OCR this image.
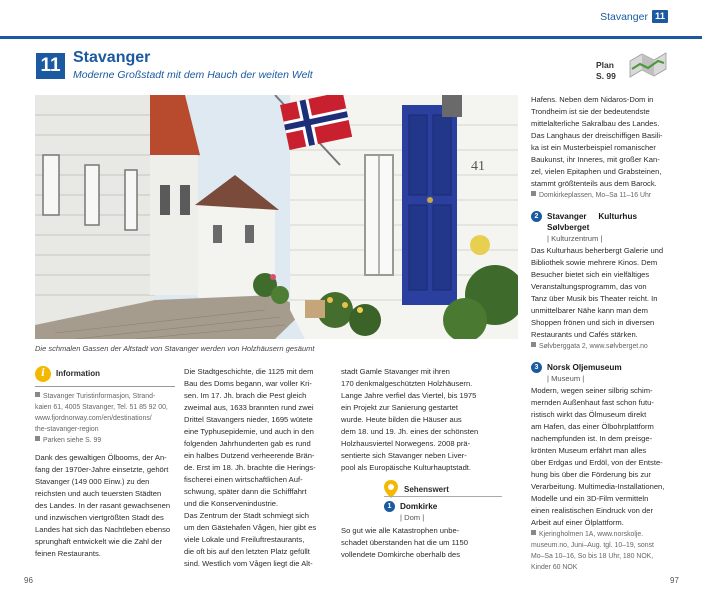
Stavanger 11
11 Stavanger
Moderne Großstadt mit dem Hauch der weiten Welt
Plan
S. 99
41
Die schmalen Gassen der Altstadt von Stavanger werden von Holzhäusern gesäumt
i	Information
Stavanger Turistinformasjon, Strand-
kaien 61, 4005 Stavanger, Tel. 51 85 92 00,
www.fjordnorway.com/en/destinations/
the-stavanger-region
Parken siehe S. 99
Dank des gewaltigen Ölbooms, der An-
fang der 1970er-Jahre einsetzte, gehört
Stavanger (149 000 Einw.) zu den
reichsten und auch teuersten Städten
des Landes. In der rasant gewachsenen
und inzwischen viertgrößten Stadt des
Landes hat sich das Nachtleben ebenso
sprunghaft entwickelt wie die Zahl der
feinen Restaurants.
Die Stadtgeschichte, die 1125 mit dem
Bau des Doms begann, war voller Kri-
sen. Im 17. Jh. brach die Pest gleich
zweimal aus, 1633 brannten rund zwei
Drittel Stavangers nieder, 1695 wütete
eine Typhusepidemie, und auch in den
folgenden Jahrhunderten gab es rund
ein halbes Dutzend verheerende Brän-
de. Erst im 18. Jh. brachte die Herings-
fischerei einen wirtschaftlichen Auf-
schwung, später dann die Schifffahrt
und die Konservenindustrie.
Das Zentrum der Stadt schmiegt sich
um den Gästehafen Vågen, hier gibt es
viele Lokale und Freiluftrestaurants,
die oft bis auf den letzten Platz gefüllt
sind. Westlich vom Vågen liegt die Alt-
stadt Gamle Stavanger mit ihren
170 denkmalgeschützten Holzhäusern.
Lange Jahre verfiel das Viertel, bis 1975
ein Projekt zur Sanierung gestartet
wurde. Heute bilden die Häuser aus
dem 18. und 19. Jh. eines der schönsten
Holzhausviertel Norwegens. 2008 prä-
sentierte sich Stavanger neben Liver-
pool als Europäische Kulturhauptstadt.
Sehenswert
1	Domkirke
| Dom |
So gut wie alle Katastrophen unbe-
schadet überstanden hat die um 1150
vollendete Domkirche oberhalb des
Hafens. Neben dem Nidaros-Dom in
Trondheim ist sie der bedeutendste
mittelalterliche Sakralbau des Landes.
Das Langhaus der dreischiffigen Basili-
ka ist ein Musterbeispiel romanischer
Baukunst, ihr Inneres, mit großer Kan-
zel, vielen Epitaphen und Grabsteinen,
stammt größtenteils aus dem Barock.
Domkirkeplassen, Mo–Sa 11–16 Uhr
2	Stavanger Kulturhus Sølvberget
| Kulturzentrum |
Das Kulturhaus beherbergt Galerie und
Bibliothek sowie mehrere Kinos. Dem
Besucher bietet sich ein vielfältiges
Veranstaltungsprogramm, das von
Tanz über Musik bis Theater reicht. In
unmittelbarer Nähe kann man dem
Shoppen frönen und sich in diversen
Restaurants und Cafés stärken.
Sølvberggata 2, www.sølvberget.no
3	Norsk Oljemuseum
| Museum |
Modern, wegen seiner silbrig schim-
mernden Außenhaut fast schon futu-
ristisch wirkt das Ölmuseum direkt
am Hafen, das einer Ölbohrplattform
nachempfunden ist. In dem preisge-
krönten Museum erfährt man alles
über Erdgas und Erdöl, von der Entste-
hung bis über die Förderung bis zur
Verarbeitung. Multimedia-Installationen,
Modelle und ein 3D-Film vermitteln
einen realistischen Eindruck von der
Arbeit auf einer Ölplattform.
Kjeringholmen 1A, www.norskolje.
museum.no, Juni–Aug. tgl. 10–19, sonst
Mo–Sa 10–16, So bis 18 Uhr, 180 NOK,
Kinder 60 NOK
96	97
